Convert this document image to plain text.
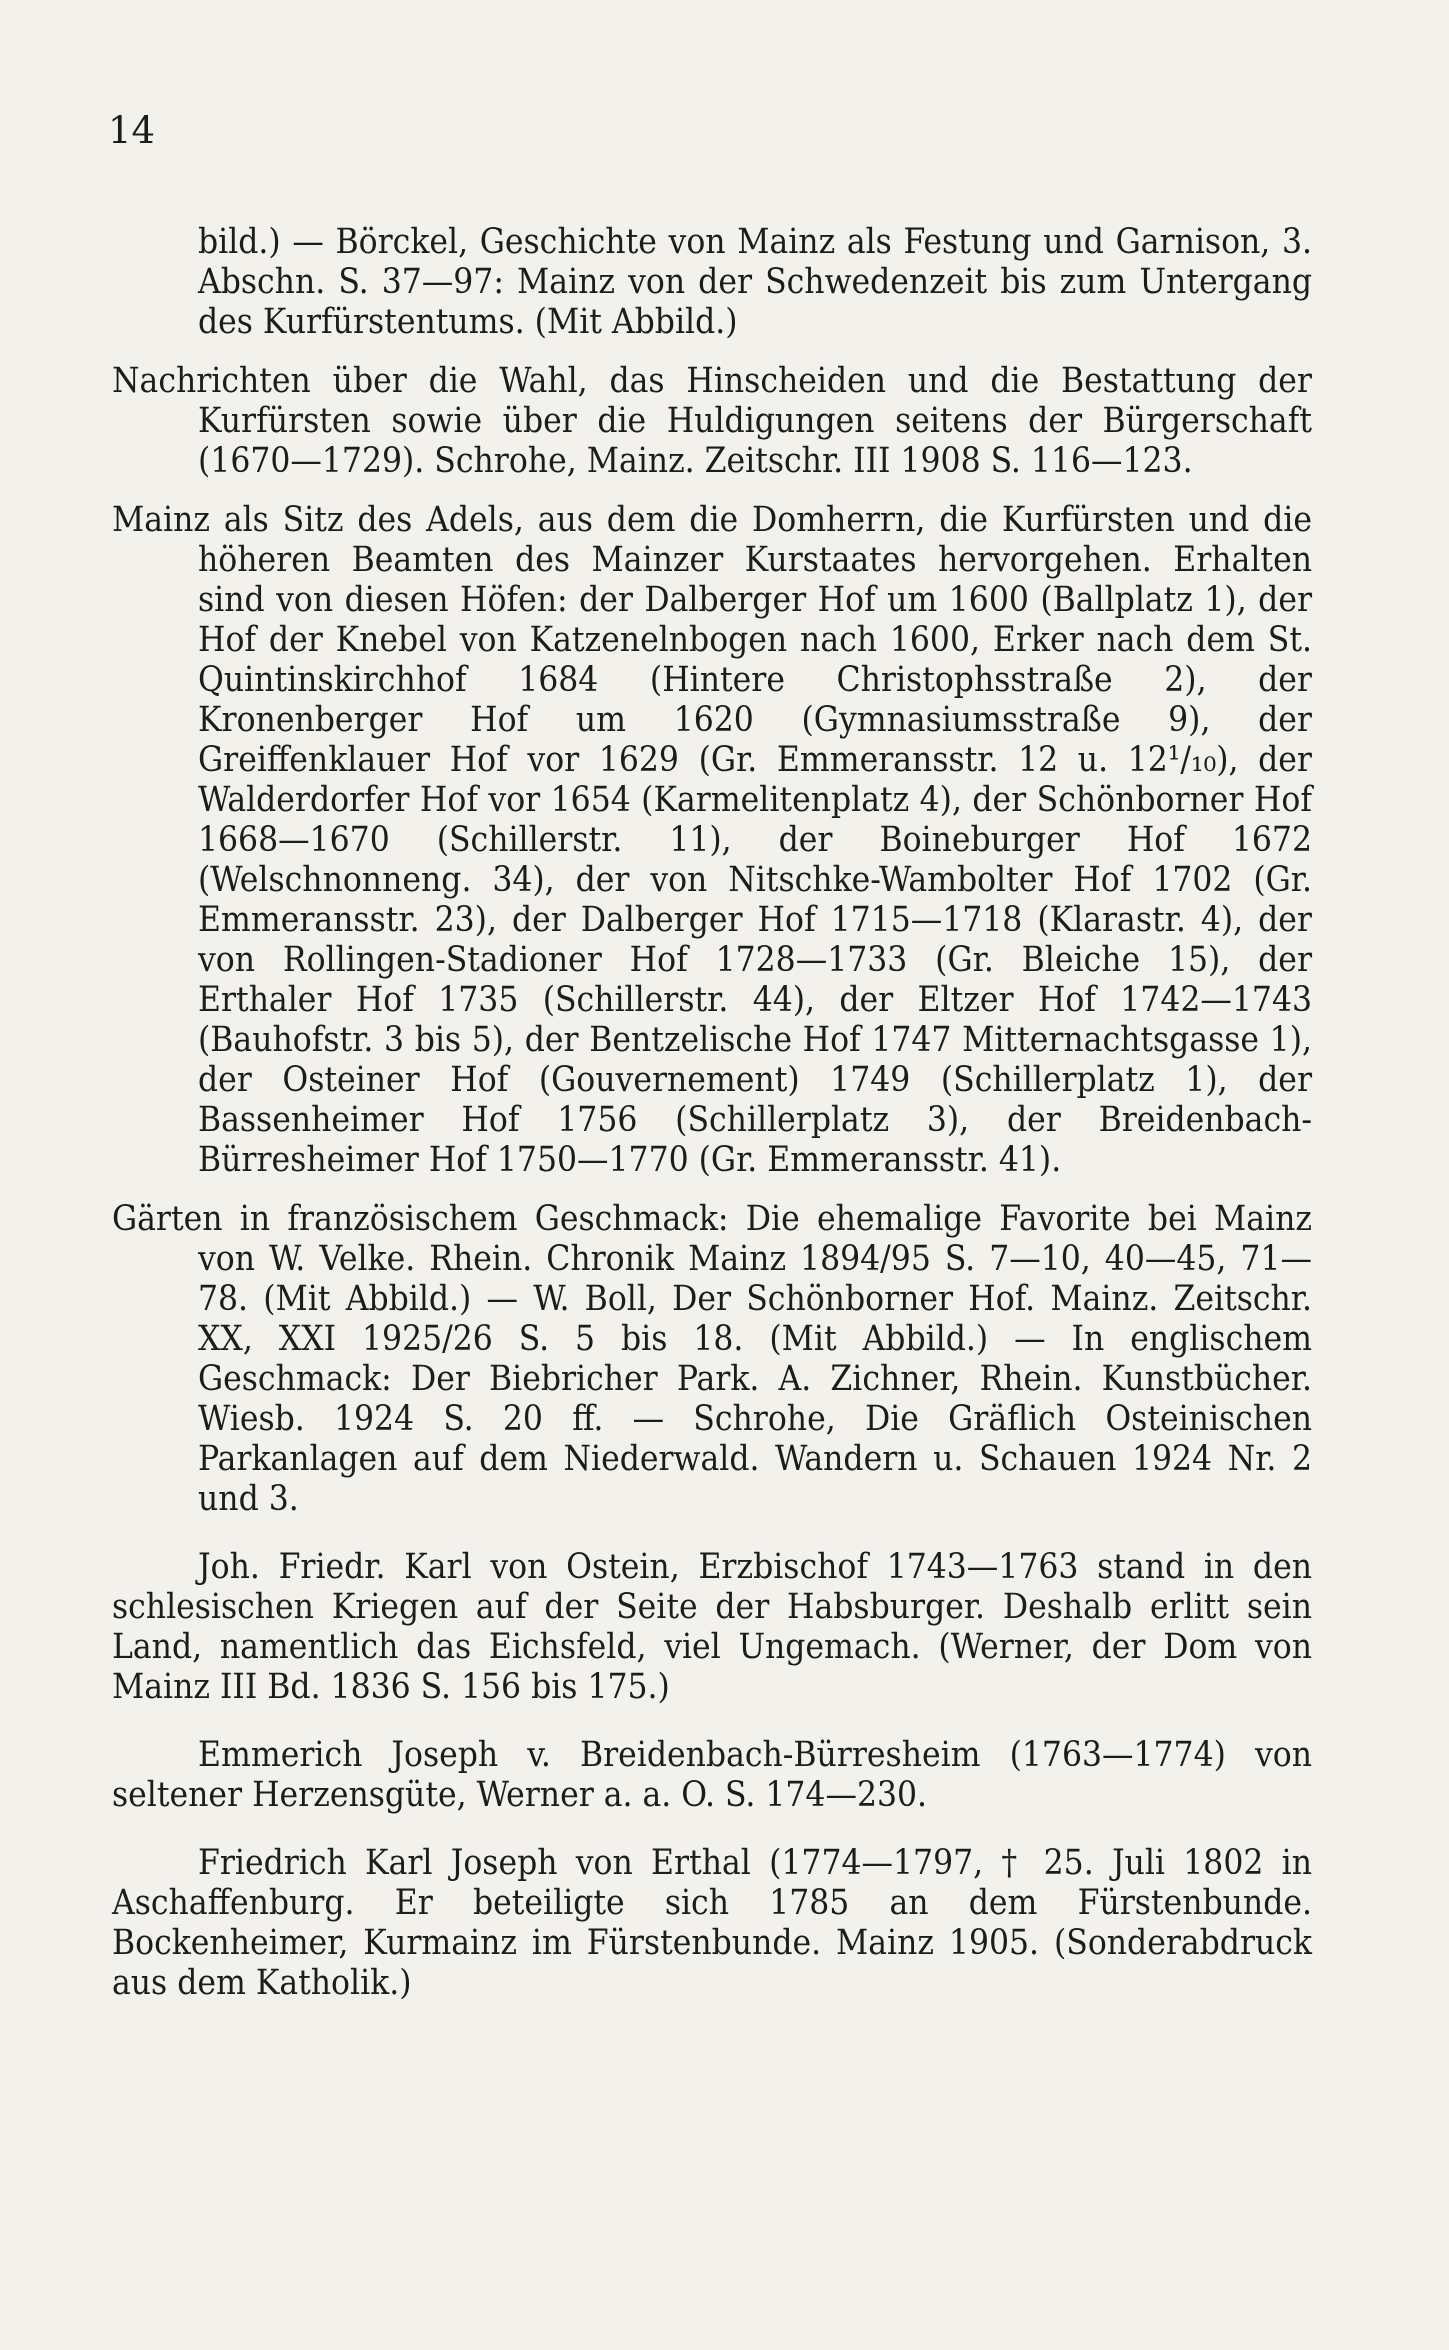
14

bild.) — Börckel, Geschichte von Mainz als Festung und Garnison, 3. Abschn. S. 37—97: Mainz von der Schwedenzeit bis zum Untergang des Kurfürstentums. (Mit Abbild.)

Nachrichten über die Wahl, das Hinscheiden und die Bestattung der Kurfürsten sowie über die Huldigungen seitens der Bürgerschaft (1670—1729). Schrohe, Mainz. Zeitschr. III 1908 S. 116—123.

Mainz als Sitz des Adels, aus dem die Domherrn, die Kurfürsten und die höheren Beamten des Mainzer Kurstaates hervorgehen. Erhalten sind von diesen Höfen: der Dalberger Hof um 1600 (Ballplatz 1), der Hof der Knebel von Katzenelnbogen nach 1600, Erker nach dem St. Quintinskirchhof 1684 (Hintere Christophsstraße 2), der Kronenberger Hof um 1620 (Gymnasiumsstraße 9), der Greiffenklauer Hof vor 1629 (Gr. Emmeransstr. 12 u. 12¹/₁₀), der Walderdorfer Hof vor 1654 (Karmelitenplatz 4), der Schönborner Hof 1668—1670 (Schillerstr. 11), der Boineburger Hof 1672 (Welschnonneng. 34), der von Nitschke-Wambolter Hof 1702 (Gr. Emmeransstr. 23), der Dalberger Hof 1715—1718 (Klarastr. 4), der von Rollingen-Stadioner Hof 1728—1733 (Gr. Bleiche 15), der Erthaler Hof 1735 (Schillerstr. 44), der Eltzer Hof 1742—1743 (Bauhofstr. 3 bis 5), der Bentzelische Hof 1747 Mitternachtsgasse 1), der Osteiner Hof (Gouvernement) 1749 (Schillerplatz 1), der Bassenheimer Hof 1756 (Schillerplatz 3), der Breidenbach-Bürresheimer Hof 1750—1770 (Gr. Emmeransstr. 41).

Gärten in französischem Geschmack: Die ehemalige Favorite bei Mainz von W. Velke. Rhein. Chronik Mainz 1894/95 S. 7—10, 40—45, 71—78. (Mit Abbild.) — W. Boll, Der Schönborner Hof. Mainz. Zeitschr. XX, XXI 1925/26 S. 5 bis 18. (Mit Abbild.) — In englischem Geschmack: Der Biebricher Park. A. Zichner, Rhein. Kunstbücher. Wiesb. 1924 S. 20 ff. — Schrohe, Die Gräflich Osteinischen Parkanlagen auf dem Niederwald. Wandern u. Schauen 1924 Nr. 2 und 3.

Joh. Friedr. Karl von Ostein, Erzbischof 1743—1763 stand in den schlesischen Kriegen auf der Seite der Habsburger. Deshalb erlitt sein Land, namentlich das Eichsfeld, viel Ungemach. (Werner, der Dom von Mainz III Bd. 1836 S. 156 bis 175.)

Emmerich Joseph v. Breidenbach-Bürresheim (1763—1774) von seltener Herzensgüte, Werner a. a. O. S. 174—230.

Friedrich Karl Joseph von Erthal (1774—1797, † 25. Juli 1802 in Aschaffenburg. Er beteiligte sich 1785 an dem Fürstenbunde. Bockenheimer, Kurmainz im Fürstenbunde. Mainz 1905. (Sonderabdruck aus dem Katholik.)
